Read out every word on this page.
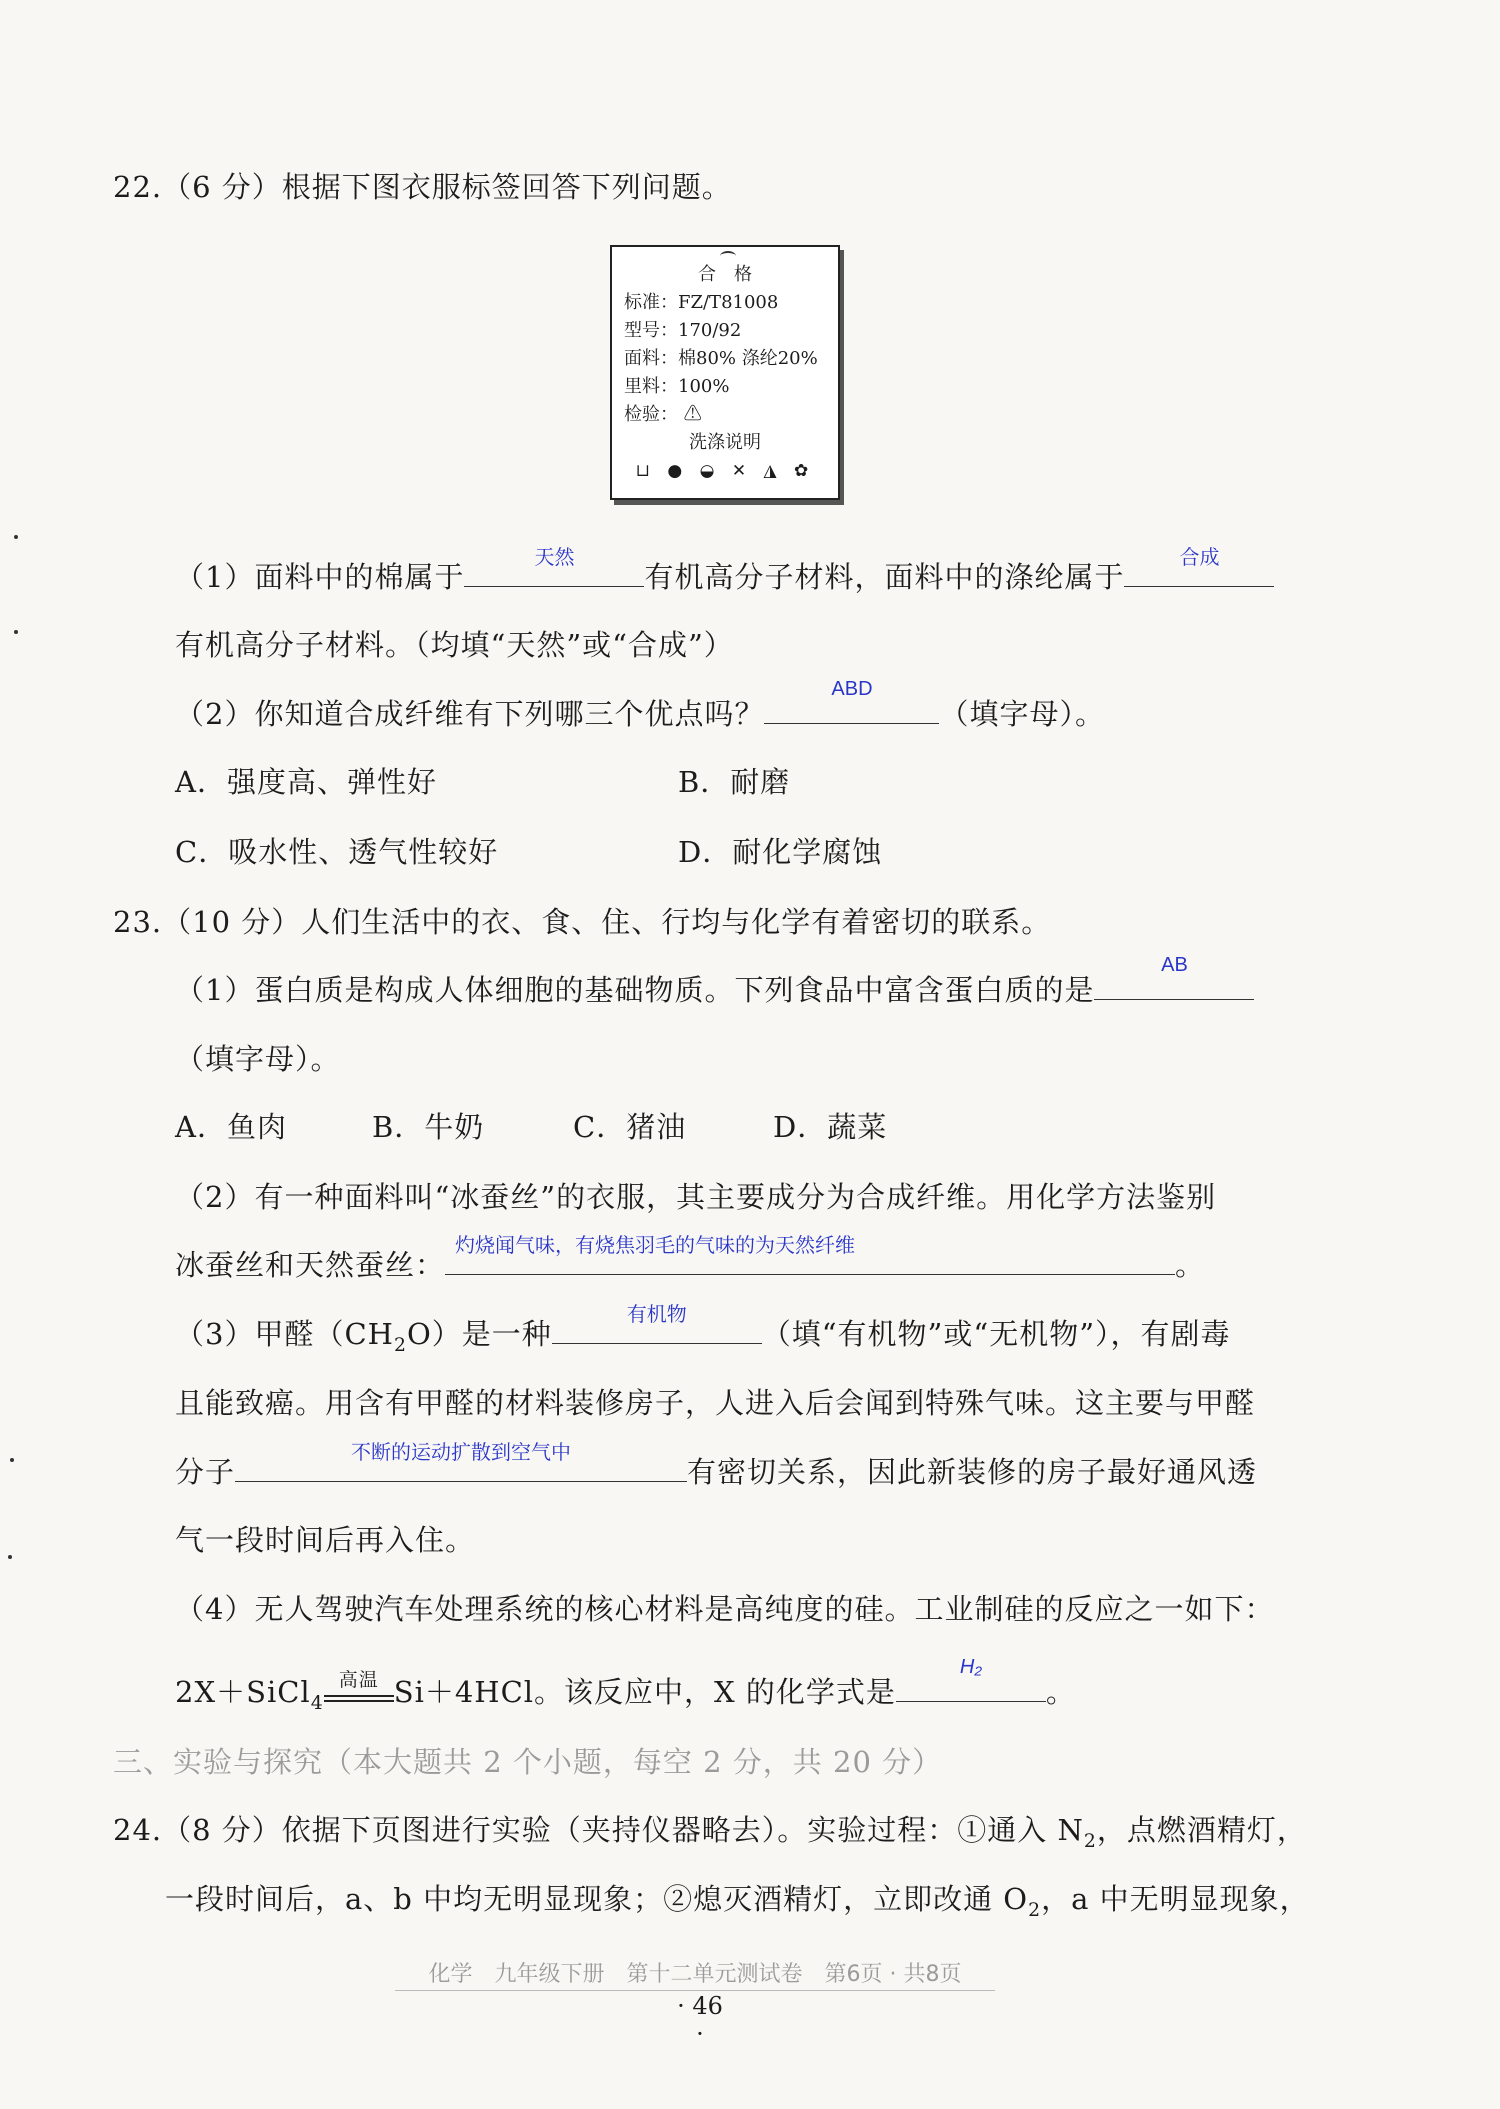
22.（6 分）根据下图衣服标签回答下列问题。
合　格
标准：FZ/T81008
型号：170/92
面料：棉80% 涤纶20%
里料：100%
检验： ⚠
洗涤说明
⊔ ● ◒ ✕ ◮ ✿
（1）面料中的棉属于
天然
有机高分子材料，面料中的涤纶属于
合成
有机高分子材料。（均填“天然”或“合成”）
（2）你知道合成纤维有下列哪三个优点吗？
ABD
（填字母）。
A．强度高、弹性好	B．耐磨
C．吸水性、透气性较好	D．耐化学腐蚀
23.（10 分）人们生活中的衣、食、住、行均与化学有着密切的联系。
（1）蛋白质是构成人体细胞的基础物质。下列食品中富含蛋白质的是
AB
（填字母）。
A．鱼肉	B．牛奶	C．猪油	D．蔬菜
（2）有一种面料叫“冰蚕丝”的衣服，其主要成分为合成纤维。用化学方法鉴别
冰蚕丝和天然蚕丝：
灼烧闻气味，有烧焦羽毛的气味的为天然纤维
。
（3）甲醛$(CH_2O)$是一种
有机物
（填“有机物”或“无机物”），有剧毒
且能致癌。用含有甲醛的材料装修房子，人进入后会闻到特殊气味。这主要与甲醛
分子
不断的运动扩散到空气中
有密切关系，因此新装修的房子最好通风透
气一段时间后再入住。
（4）无人驾驶汽车处理系统的核心材料是高纯度的硅。工业制硅的反应之一如下：
2X＋SiCl$_4$
高温 Si＋4HCl。该反应中，X 的化学式是
H₂
。
三、实验与探究（本大题共 2 个小题，每空 2 分，共 20 分）
24.（8 分）依据下页图进行实验（夹持仪器略去）。实验过程：①通入 $N_2$，点燃酒精灯，
一段时间后，a、b 中均无明显现象；②熄灭酒精灯，立即改通 $O_2$，a 中无明显现象，
化学　九年级下册　第十二单元测试卷　第6页 · 共8页
· 46 ·
